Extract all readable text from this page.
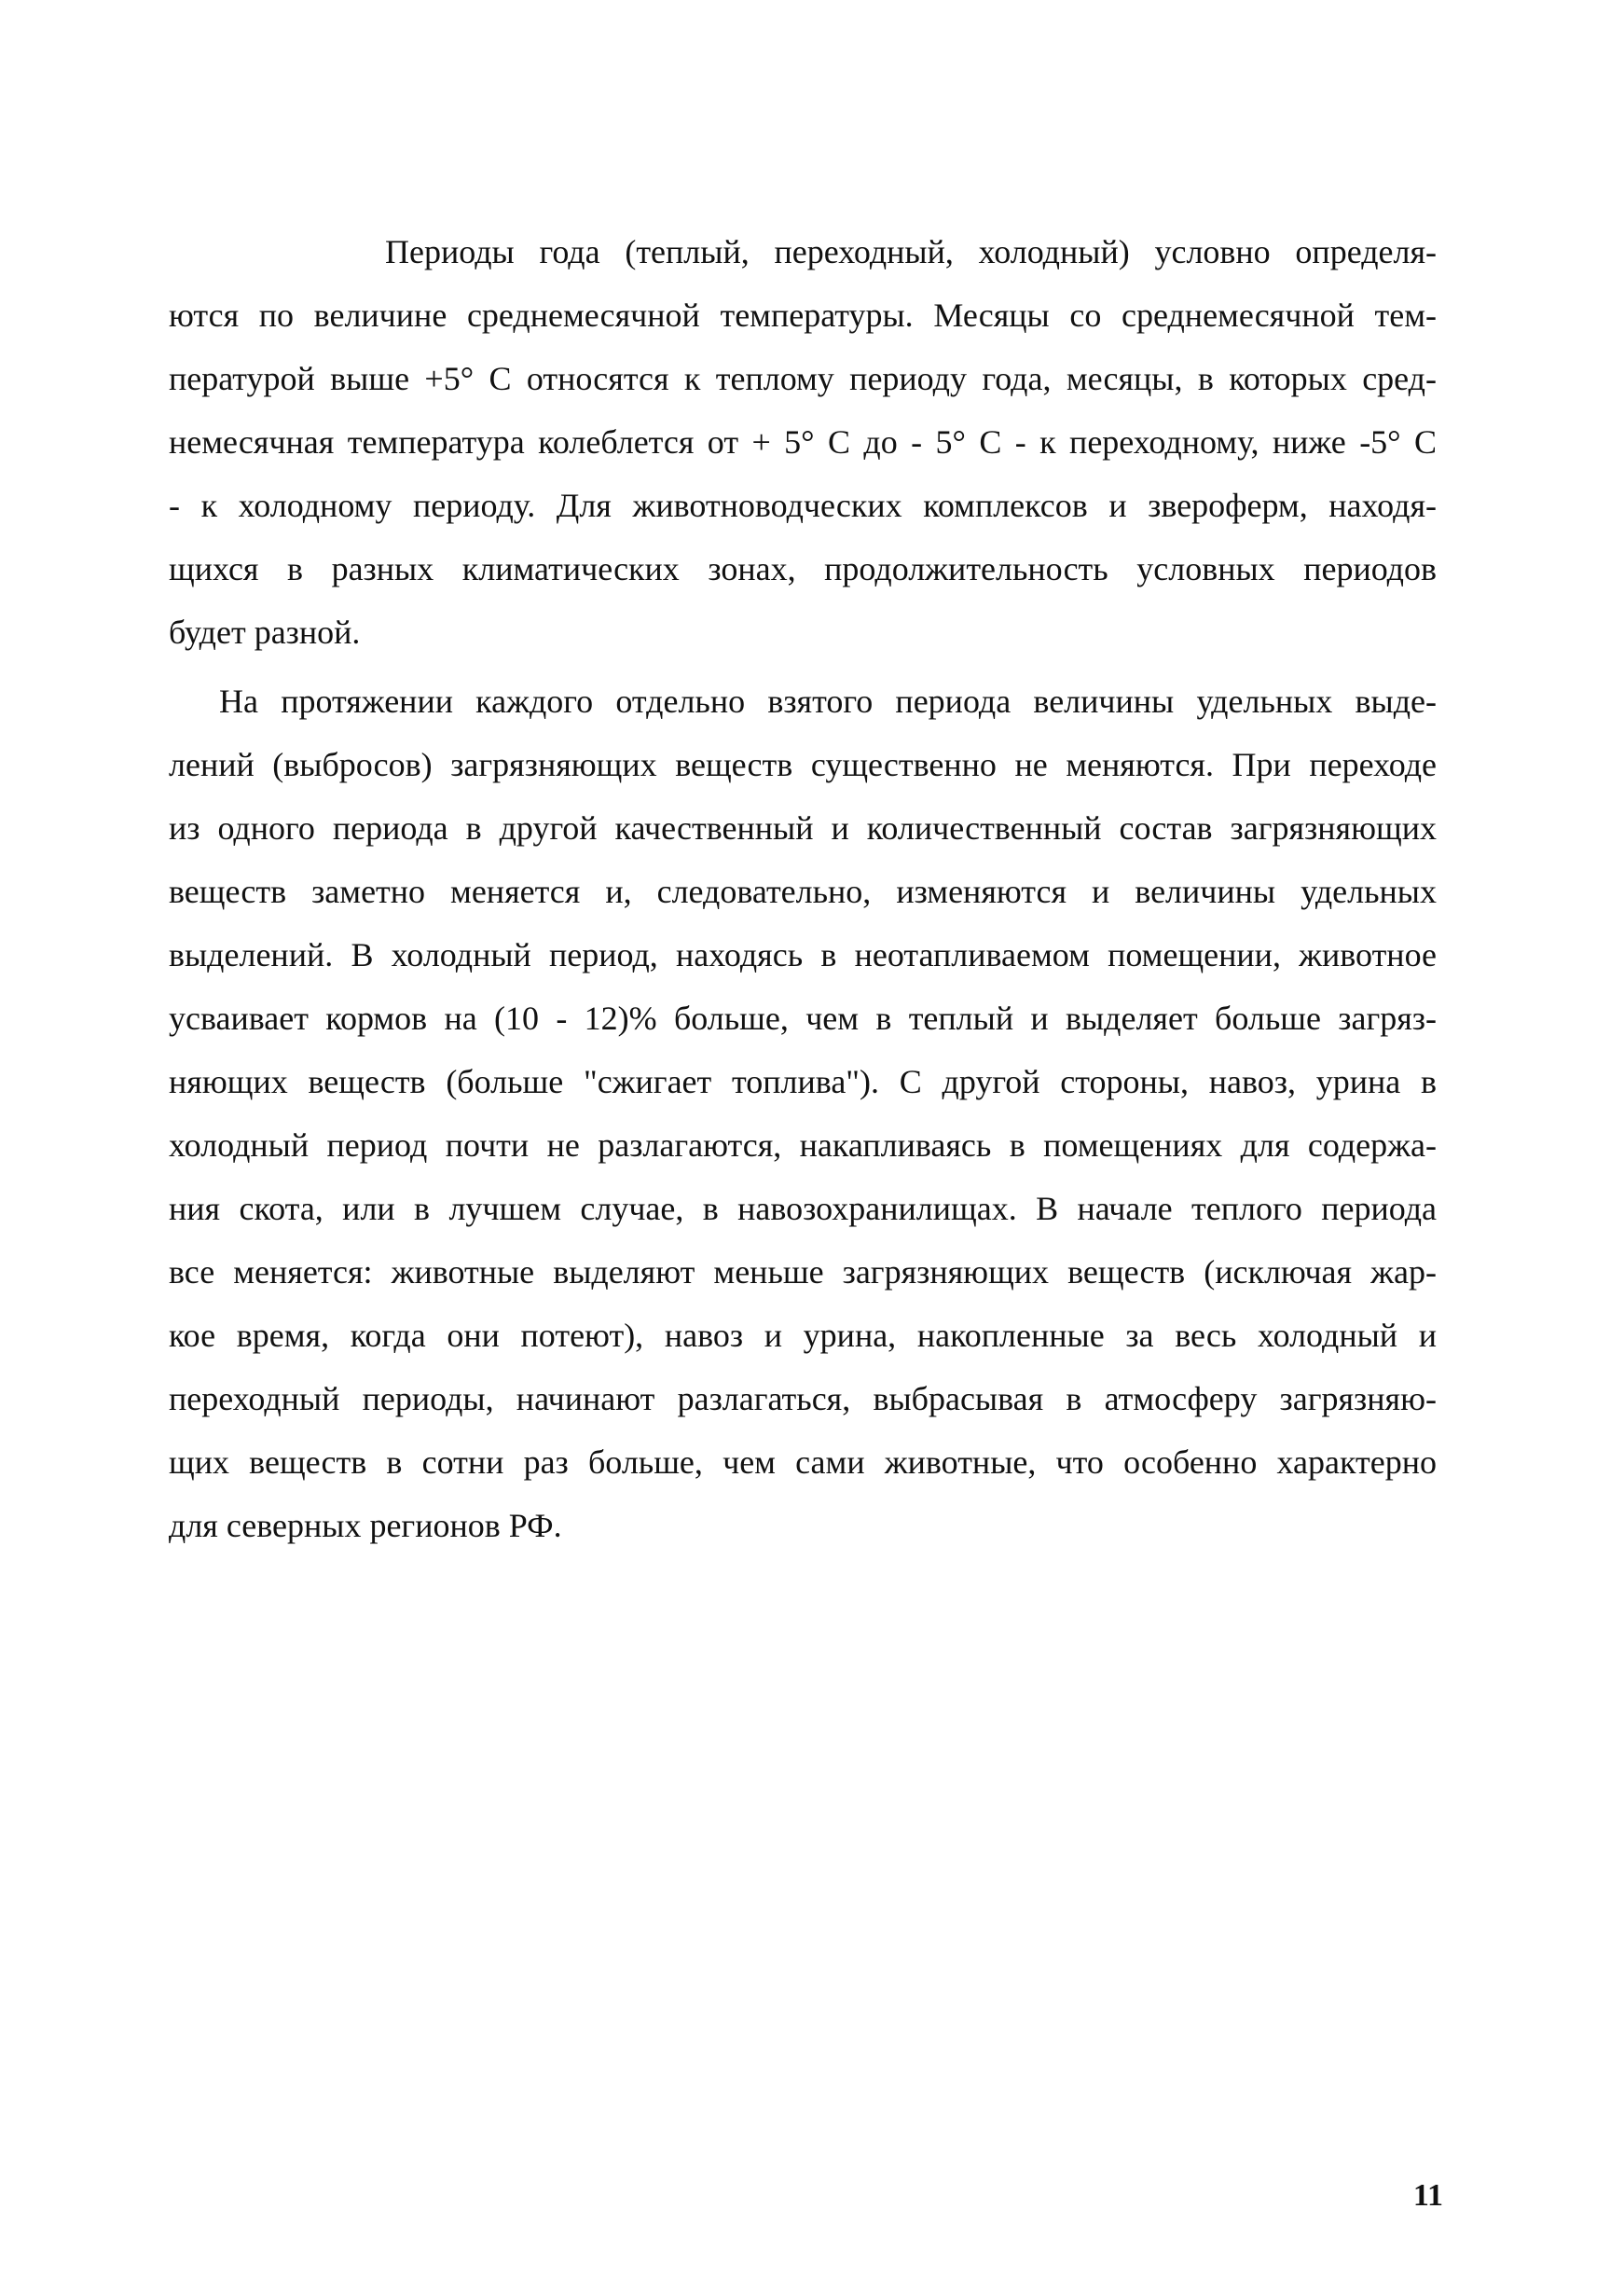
Периоды года (теплый, переходный, холодный) условно определя-
ются по величине среднемесячной температуры. Месяцы со среднемесячной тем-
пературой выше +5° С относятся к теплому периоду года, месяцы, в которых сред-
немесячная температура колеблется от + 5° С до - 5° С - к переходному, ниже -5° С
- к холодному периоду. Для животноводческих комплексов и звероферм, находя-
щихся в разных климатических зонах, продолжительность условных периодов
будет разной.
На протяжении каждого отдельно взятого периода величины удельных выде-
лений (выбросов) загрязняющих веществ существенно не меняются. При переходе
из одного периода в другой качественный и количественный состав загрязняющих
веществ заметно меняется и, следовательно, изменяются и величины удельных
выделений. В холодный период, находясь в неотапливаемом помещении, животное
усваивает кормов на (10 - 12)% больше, чем в теплый и выделяет больше загряз-
няющих веществ (больше "сжигает топлива"). С другой стороны, навоз, урина в
холодный период почти не разлагаются, накапливаясь в помещениях для содержа-
ния скота, или в лучшем случае, в навозохранилищах. В начале теплого периода
все меняется: животные выделяют меньше загрязняющих веществ (исключая жар-
кое время, когда они потеют), навоз и урина, накопленные за весь холодный и
переходный периоды, начинают разлагаться, выбрасывая в атмосферу загрязняю-
щих веществ в сотни раз больше, чем сами животные, что особенно характерно
для северных регионов РФ.
11
